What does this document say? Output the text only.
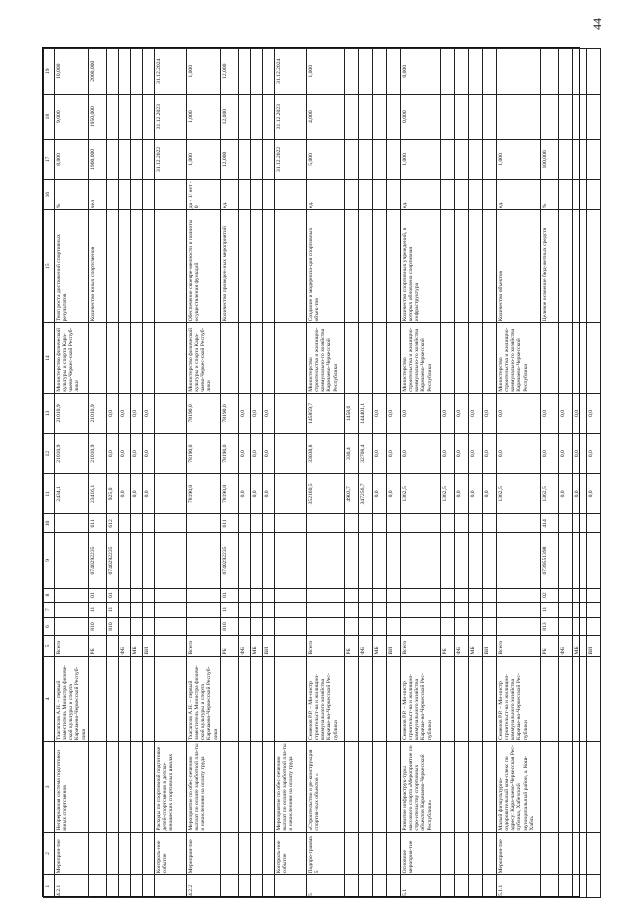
44
1	2	3	4	5	6	7	8	9	10	11	12	13	14	15	16	17	18	19
4.2.1	Мероприя-тие	Непрерывная система подготовки юных спортсменов	Тхагапсов А.Н. – первый заместитель Министра физиче-ской культуры и спорта Карачаево-Черкесской Респуб-лики	Всего						2434,1	21010,9	21010,9	Министерство физической культуры и спорта Кара-чаево-Черкес-ской Респуб-лики	Темп роста достижений спортивных результатов	%	8,000	9,000	10,000
				РБ	810	11	01	0740292235	611	23416,1	21010,9	21010,9		Количество юных спортсменов	чел	1900,000	1950,000	2000,000
					810	11	01	0740292235	612	925,0	0,0	0,0						
				ФБ						0,0	0,0	0,0						
				МБ						0,0	0,0	0,0						
				ВИ						0,0	0,0	0,0						
	Контроль-ное событие	Расходы по спортивной подготовке детей-спортсменов в детско-юношеских спортивных школах														31.12.2022	31.12.2023	31.12.2024
4.2.2	Мероприя-тие	Мероприятие по обес-печению выплат по оплате заработной пла-ты и начислениям на оплату труда	Тхагапсов А.Н. – первый заместитель Министра физиче-ской культуры и спорта Карачаево-Черкесской Респуб-лики	Всего						78190,0	78190,0	78190,0	Министерство физической культуры и спорта Кара-чаево-Черкес-ской Респуб-лики	Обеспечение своевре-менности и полноты осуществления функций	да - 1/ нет - 0	1,000	1,000	1,000
				РБ	810	11	01	0740292235	611	78190,0	78190,0	78190,0		Количество проведен-ных мероприятий	ед.	12,000	12,000	12,000
				ФБ						0,0	0,0	0,0						
				МБ						0,0	0,0	0,0						
				ВИ						0,0	0,0	0,0						
	Контроль-ное событие	Мероприятие по обес-печению выплат по оплате заработной пла-ты и начислениям на оплату труда														31.12.2022	31.12.2023	31.12.2024
5	Подпро-грамма 5	«Строительство и ре-конструкция спортив-ных объектов »	Семенов Р.Р. – Ми-нистр строительст-ва и жилищно-коммунального хозяйства Карачае-во-Черкесской Рес-публики	Всего						352160,5	33038,8	145859,7	Министерство строительства и жилищно-коммунально-го хозяйства Карачаево-Черкесской Республики	Создание и модерниза-ция спортивных объек-тов	ед.	5,000	4,000	1,000
				РБ						4903,7	330,4	1458,6						
				ФБ						347256,7	32708,4	144401,1						
				МБ						0,0	0,0	0,0						
				ВИ						0,0	0,0	0,0						
5.1	Основное мероприя-тие	Развитие инфраструк-туры массового спорта «Мероприятие по стро-ительству спортивных объектов Карачаево-Черкесской Республики»	Семенов Р.Р. – Ми-нистр строительст-ва и жилищно-коммунального хозяйства Карачае-во-Черкесской Рес-публики	Всего						1362,5	0,0	0,0	Министерство строительства и жилищно-коммунально-го хозяйства Карачаево-Черкесской Республики	Количество спортивных учреждений, в которых обновлена спортивная инфраструктура	ед.	1,000	0,000	0,000
				РБ						1362,5	0,0	0,0						
				ФБ						0,0	0,0	0,0						
				МБ						0,0	0,0	0,0						
				ВИ						0,0	0,0	0,0						
5.1.1	Мероприя-тие	Малый физкультурно-оздоровительный ком-плекс по адресу: Кара-чаево-Черкесская Рес-публика, Хабезский муниципальный район, а. Кош-Хабль	Семенов Р.Р. – Ми-нистр строительст-ва и жилищно-коммунального хозяйства Карачае-во-Черкесской Рес-публики	Всего						1362,5	0,0	0,0	Министерство строительства и жилищно-коммунально-го хозяйства Карачаево-Черкесской Республики	Количество объектов	ед.	1,000		
				РБ	813	11	02	0739551398	414	1362,5	0,0	0,0		Целевое освоение бюд-жетных средств	%	100,000		
				ФБ						0,0	0,0	0,0						
				МБ						0,0	0,0	0,0						
				ВИ						0,0	0,0	0,0						
